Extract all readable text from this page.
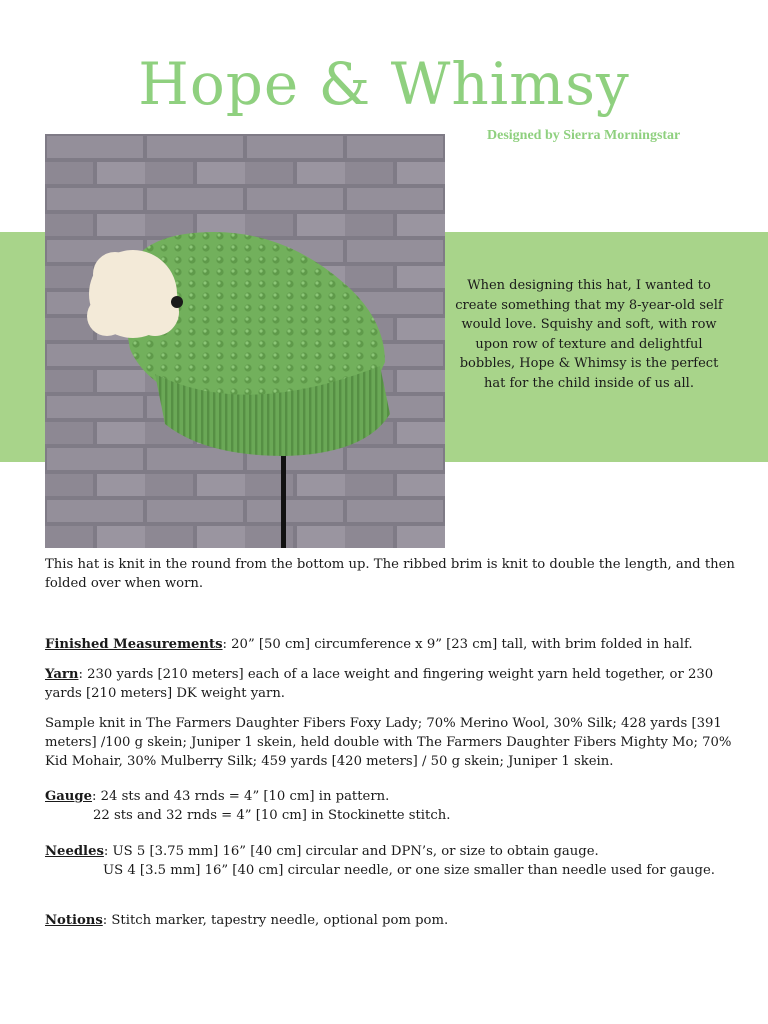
Hope & Whimsy
Designed by Sierra Morningstar
When designing this hat, I wanted to create something that my 8-year-old self would love. Squishy and soft, with row upon row of texture and delightful bobbles, Hope & Whimsy is the perfect hat for the child inside of us all.

This hat is knit in the round from the bottom up. The ribbed brim is knit to double the length, and then folded over when worn.

Finished Measurements: 20” [50 cm] circumference x 9” [23 cm] tall, with brim folded in half.

Yarn: 230 yards [210 meters] each of a lace weight and fingering weight yarn held together, or 230 yards [210 meters] DK weight yarn.

Sample knit in The Farmers Daughter Fibers Foxy Lady; 70% Merino Wool, 30% Silk; 428 yards [391 meters] /100 g skein; Juniper 1 skein, held double with The Farmers Daughter Fibers Mighty Mo; 70% Kid Mohair, 30% Mulberry Silk; 459 yards [420 meters] / 50 g skein; Juniper 1 skein.

Gauge: 24 sts and 43 rnds = 4” [10 cm] in pattern.
22 sts and 32 rnds = 4” [10 cm] in Stockinette stitch.
Needles: US 5 [3.75 mm] 16” [40 cm] circular and DPN’s, or size to obtain gauge.
US 4 [3.5 mm] 16” [40 cm] circular needle, or one size smaller than needle used for gauge.

Notions: Stitch marker, tapestry needle, optional pom pom.
